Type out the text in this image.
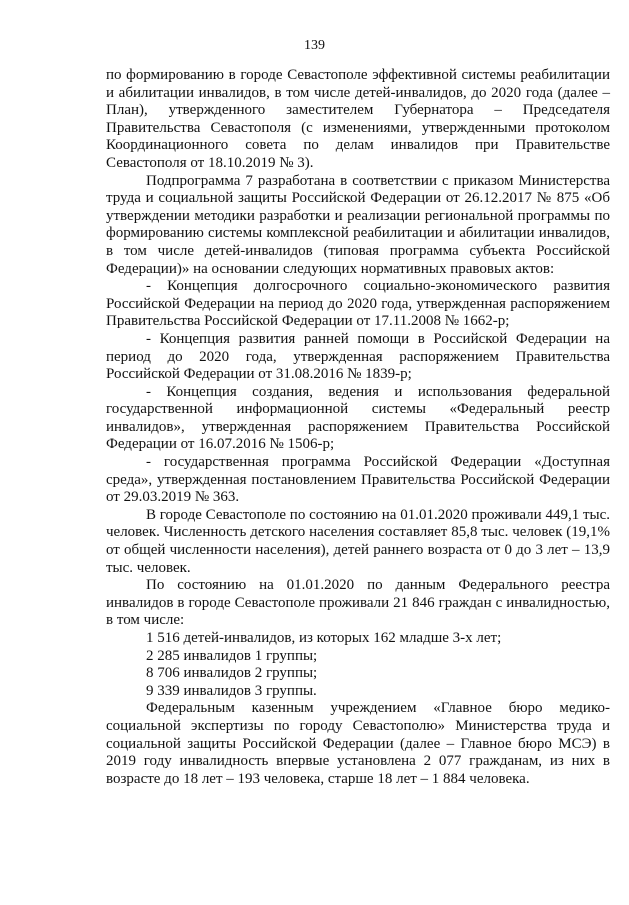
139

по формированию в городе Севастополе эффективной системы реабилитации и абилитации инвалидов, в том числе детей-инвалидов, до 2020 года (далее – План), утвержденного заместителем Губернатора – Председателя Правительства Севастополя (с изменениями, утвержденными протоколом Координационного совета по делам инвалидов при Правительстве Севастополя от 18.10.2019 № 3).

Подпрограмма 7 разработана в соответствии с приказом Министерства труда и социальной защиты Российской Федерации от 26.12.2017 № 875 «Об утверждении методики разработки и реализации региональной программы по формированию системы комплексной реабилитации и абилитации инвалидов, в том числе детей-инвалидов (типовая программа субъекта Российской Федерации)» на основании следующих нормативных правовых актов:

- Концепция долгосрочного социально-экономического развития Российской Федерации на период до 2020 года, утвержденная распоряжением Правительства Российской Федерации от 17.11.2008 № 1662-р;

- Концепция развития ранней помощи в Российской Федерации на период до 2020 года, утвержденная распоряжением Правительства Российской Федерации от 31.08.2016 № 1839-р;

- Концепция создания, ведения и использования федеральной государственной информационной системы «Федеральный реестр инвалидов», утвержденная распоряжением Правительства Российской Федерации от 16.07.2016 № 1506-р;

- государственная программа Российской Федерации «Доступная среда», утвержденная постановлением Правительства Российской Федерации от 29.03.2019 № 363.

В городе Севастополе по состоянию на 01.01.2020 проживали 449,1 тыс. человек. Численность детского населения составляет 85,8 тыс. человек (19,1% от общей численности населения), детей раннего возраста от 0 до 3 лет – 13,9 тыс. человек.

По состоянию на 01.01.2020 по данным Федерального реестра инвалидов в городе Севастополе проживали 21 846 граждан с инвалидностью, в том числе:

1 516 детей-инвалидов, из которых 162 младше 3-х лет;

2 285 инвалидов 1 группы;

8 706 инвалидов 2 группы;

9 339 инвалидов 3 группы.

Федеральным казенным учреждением «Главное бюро медико-социальной экспертизы по городу Севастополю» Министерства труда и социальной защиты Российской Федерации (далее – Главное бюро МСЭ) в 2019 году инвалидность впервые установлена 2 077 гражданам, из них в возрасте до 18 лет – 193 человека, старше 18 лет – 1 884 человека.
